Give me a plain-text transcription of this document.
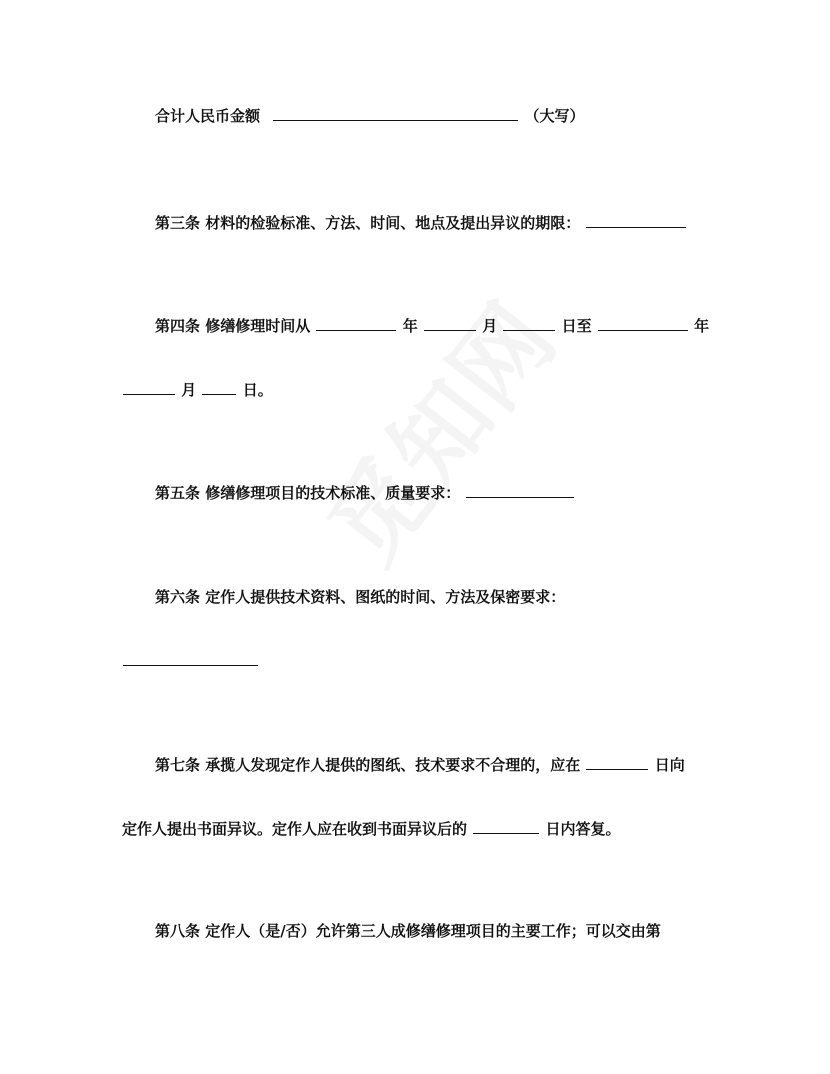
合计人民币金额	（大写）
第三条 材料的检验标准、方法、时间、地点及提出异议的期限：
第四条 修缮修理时间从	年	月	日至	年
月	日。
第五条 修缮修理项目的技术标准、质量要求：
第六条 定作人提供技术资料、图纸的时间、方法及保密要求：
第七条 承揽人发现定作人提供的图纸、技术要求不合理的，应在	日向
定作人提出书面异议。定作人应在收到书面异议后的	日内答复。
第八条 定作人（是/否）允许第三人成修缮修理项目的主要工作；可以交由第
